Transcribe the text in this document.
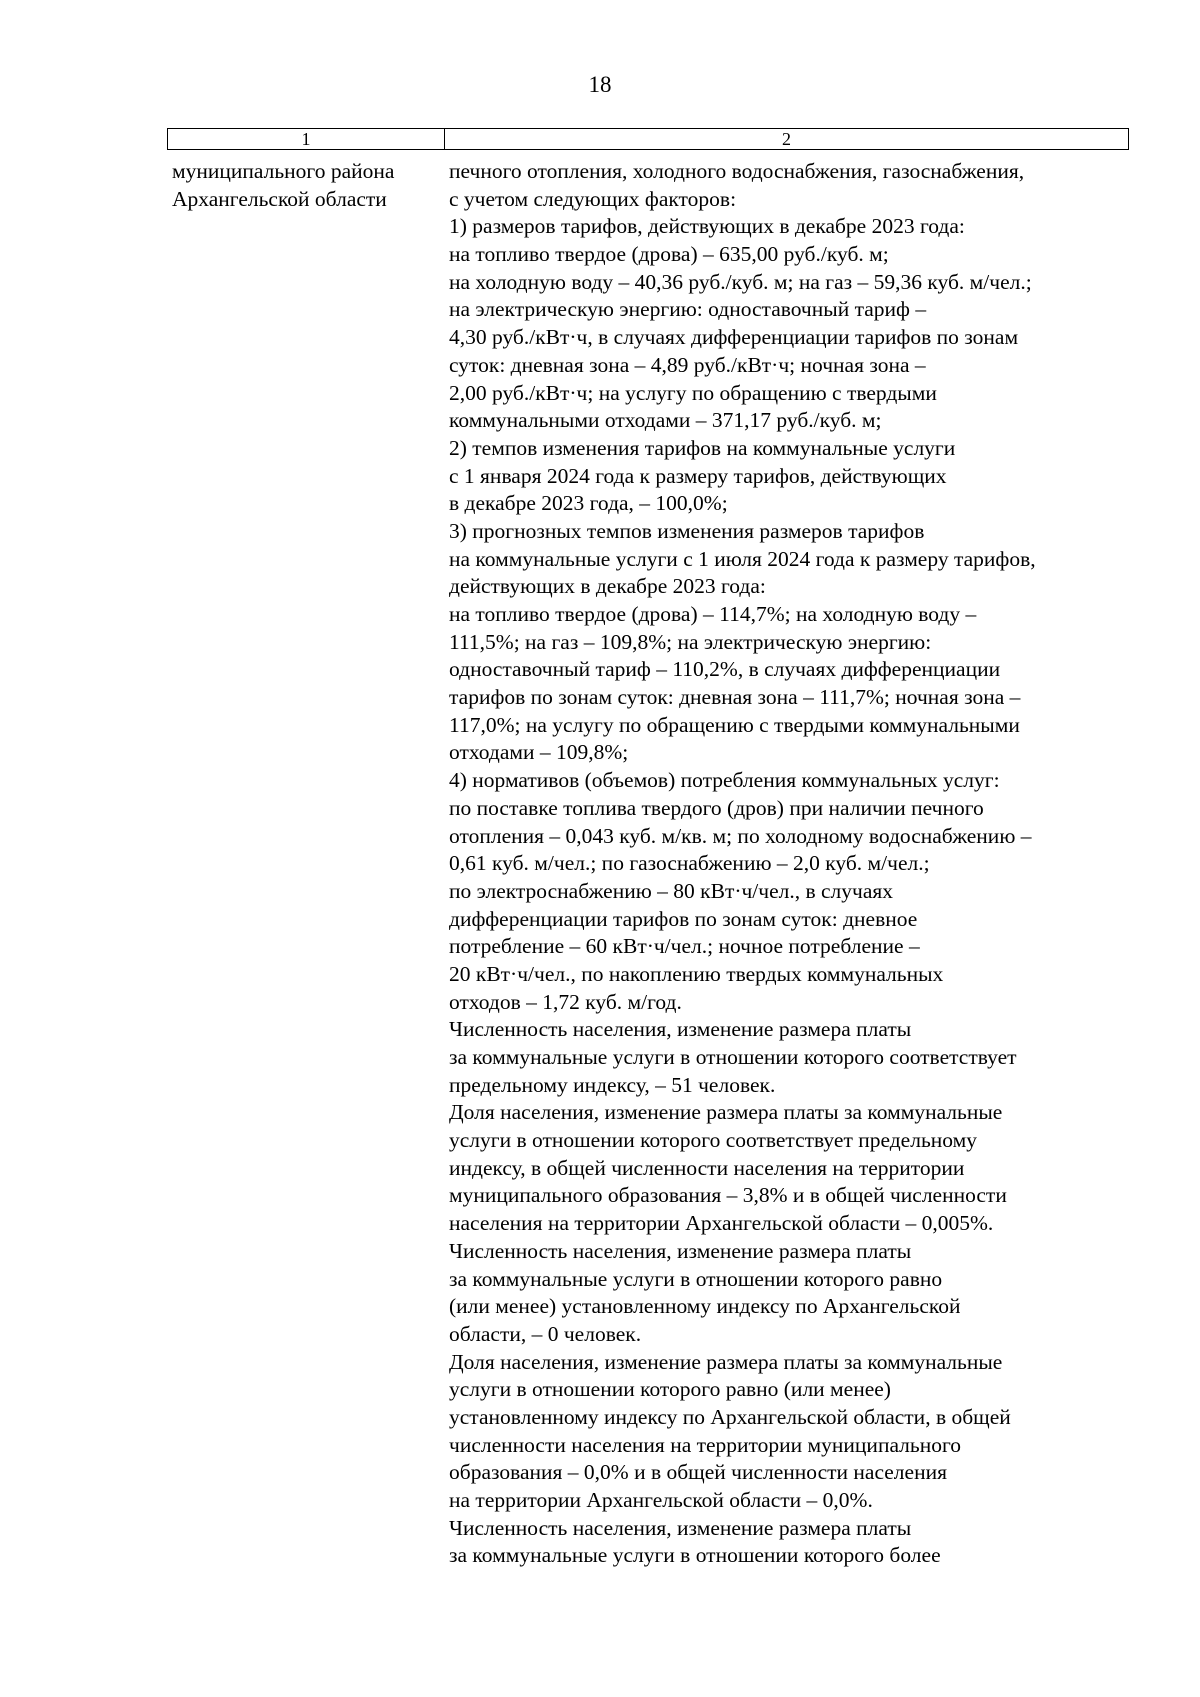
18
1	2
муниципального района
Архангельской области
печного отопления, холодного водоснабжения, газоснабжения,
с учетом следующих факторов:
1) размеров тарифов, действующих в декабре 2023 года:
на топливо твердое (дрова) – 635,00 руб./куб. м;
на холодную воду – 40,36 руб./куб. м; на газ – 59,36 куб. м/чел.;
на электрическую энергию: одноставочный тариф –
4,30 руб./кВт·ч, в случаях дифференциации тарифов по зонам
суток: дневная зона – 4,89 руб./кВт·ч; ночная зона –
2,00 руб./кВт·ч; на услугу по обращению с твердыми
коммунальными отходами – 371,17 руб./куб. м;
2) темпов изменения тарифов на коммунальные услуги
с 1 января 2024 года к размеру тарифов, действующих
в декабре 2023 года, – 100,0%;
3) прогнозных темпов изменения размеров тарифов
на коммунальные услуги с 1 июля 2024 года к размеру тарифов,
действующих в декабре 2023 года:
на топливо твердое (дрова) – 114,7%; на холодную воду –
111,5%; на газ – 109,8%; на электрическую энергию:
одноставочный тариф – 110,2%, в случаях дифференциации
тарифов по зонам суток: дневная зона – 111,7%; ночная зона –
117,0%; на услугу по обращению с твердыми коммунальными
отходами – 109,8%;
4) нормативов (объемов) потребления коммунальных услуг:
по поставке топлива твердого (дров) при наличии печного
отопления – 0,043 куб. м/кв. м; по холодному водоснабжению –
0,61 куб. м/чел.; по газоснабжению – 2,0 куб. м/чел.;
по электроснабжению – 80 кВт·ч/чел., в случаях
дифференциации тарифов по зонам суток: дневное
потребление – 60 кВт·ч/чел.; ночное потребление –
20 кВт·ч/чел., по накоплению твердых коммунальных
отходов – 1,72 куб. м/год.
Численность населения, изменение размера платы
за коммунальные услуги в отношении которого соответствует
предельному индексу, – 51 человек.
Доля населения, изменение размера платы за коммунальные
услуги в отношении которого соответствует предельному
индексу, в общей численности населения на территории
муниципального образования – 3,8% и в общей численности
населения на территории Архангельской области – 0,005%.
Численность населения, изменение размера платы
за коммунальные услуги в отношении которого равно
(или менее) установленному индексу по Архангельской
области, – 0 человек.
Доля населения, изменение размера платы за коммунальные
услуги в отношении которого равно (или менее)
установленному индексу по Архангельской области, в общей
численности населения на территории муниципального
образования – 0,0% и в общей численности населения
на территории Архангельской области – 0,0%.
Численность населения, изменение размера платы
за коммунальные услуги в отношении которого более
